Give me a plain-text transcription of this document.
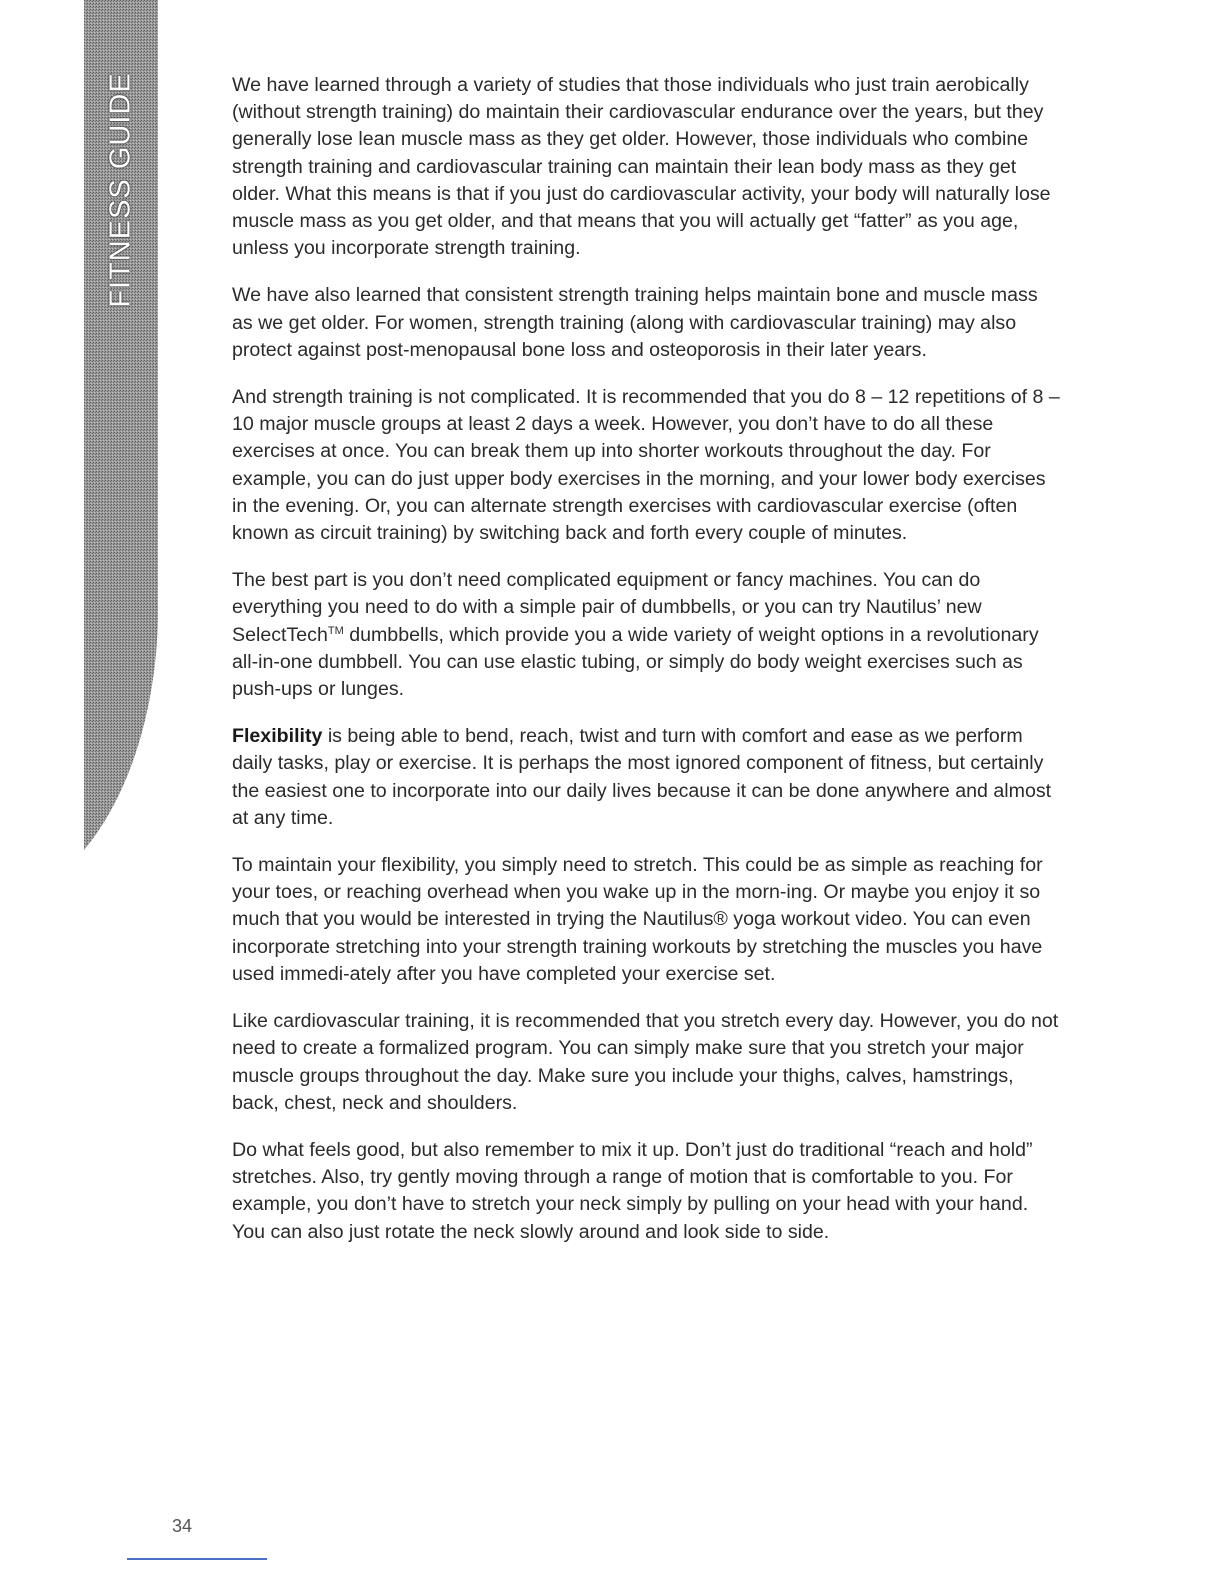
FITNESS GUIDE	We have learned through a variety of studies that those individuals who just train aerobically (without strength training) do maintain their cardiovascular endurance over the years, but they generally lose lean muscle mass as they get older. However, those individuals who combine strength training and cardiovascular training can maintain their lean body mass as they get older. What this means is that if you just do cardiovascular activity, your body will naturally lose muscle mass as you get older, and that means that you will actually get “fatter” as you age, unless you incorporate strength training.

We have also learned that consistent strength training helps maintain bone and muscle mass as we get older. For women, strength training (along with cardiovascular training) may also protect against post-menopausal bone loss and osteoporosis in their later years.

And strength training is not complicated. It is recommended that you do 8 – 12 repetitions of 8 – 10 major muscle groups at least 2 days a week. However, you don’t have to do all these exercises at once. You can break them up into shorter workouts throughout the day. For example, you can do just upper body exercises in the morning, and your lower body exercises in the evening. Or, you can alternate strength exercises with cardiovascular exercise (often known as circuit training) by switching back and forth every couple of minutes.

The best part is you don’t need complicated equipment or fancy machines. You can do everything you need to do with a simple pair of dumbbells, or you can try Nautilus’ new SelectTech™ dumbbells, which provide you a wide variety of weight options in a revolutionary all-in-one dumbbell. You can use elastic tubing, or simply do body weight exercises such as push-ups or lunges.

Flexibility is being able to bend, reach, twist and turn with comfort and ease as we perform daily tasks, play or exercise. It is perhaps the most ignored component of fitness, but certainly the easiest one to incorporate into our daily lives because it can be done anywhere and almost at any time.

To maintain your flexibility, you simply need to stretch. This could be as simple as reaching for your toes, or reaching overhead when you wake up in the morn-ing. Or maybe you enjoy it so much that you would be interested in trying the Nautilus® yoga workout video. You can even incorporate stretching into your strength training workouts by stretching the muscles you have used immedi-ately after you have completed your exercise set.

Like cardiovascular training, it is recommended that you stretch every day. However, you do not need to create a formalized program. You can simply make sure that you stretch your major muscle groups throughout the day. Make sure you include your thighs, calves, hamstrings, back, chest, neck and shoulders.

Do what feels good, but also remember to mix it up. Don’t just do traditional “reach and hold” stretches. Also, try gently moving through a range of motion that is comfortable to you. For example, you don’t have to stretch your neck simply by pulling on your head with your hand. You can also just rotate the neck slowly around and look side to side.

34
